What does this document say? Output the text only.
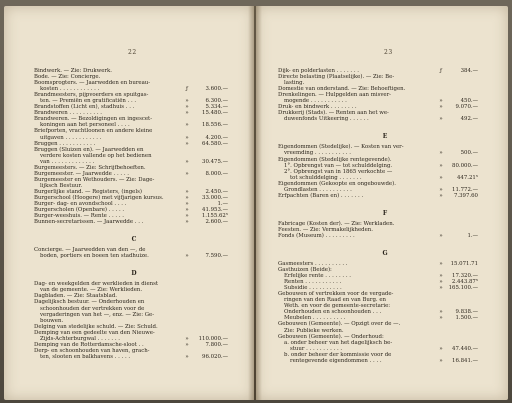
22
Bindwerk. — Zie: Drukwerk.
Bode. — Zie: Concierge.
Boomsprogters. — Jaarwedden en bureau-
kosten . . . . . . . . . . . .	ƒ	3.600.—
Brandmeesters, pijpvoerders en spuitgas-
ten. — Premiën en gratificatiën . . .	»	6.300.—
Brandstoffen (Licht en), stadhuis . . .	»	5.334.—
Brandweren . . . . . . . . . .	»	15.480.—
Brandweren. — Bezoldigingen en ingescet-
koningen aan het personeel . . . .	»	18.556.—
Briefporten, vrachtloonen en andere kleine
uitgaven . . . . . . . . . . .	»	4.200.—
Bruggen . . . . . . . . . . .	»	64.580.—
Bruggen (Sluizen en). — Jaarwedden en
verdere kosten vallende op het bedienen
van . . . . . . . . . . . . .	»	30.475.—
Burgemeesters. — Zie: Schrijfbehoeften.
Burgemeester. — Jaarwedde . . . . .	»	8.000.—
Burgemeester en Wethouders. — Zie: Dage-
lijksch Bestuur.
Burgerlijke stand. — Registers, (ingels)	»	2.450.—
Burgerschool (Hoogere) met vijfjarigen kursus.	»	33.000.—
Burger- dag- en avondschool . . . .	»	1.—
Burgerscholen (Openbare) . . . . .	»	41.953.—
Burger-weeshuis. — Rente . . . . .	»	1.155.62⁵
Bunnen-secretarissen. — Jaarwedde . . .	»	2.600.—
C
Concierge. — Jaarwedden van den —, de
boden, portiers en boeen ten stadhuize.	»	7.590.—
D
Dag- en weekgelden der werklieden in dienst
van de gemeente. — Zie: Werklieden.
Dagbladen. — Zie: Staatsblad.
Dagelijksch bestuur. — Onderhouden en
schoonhouden der vertrekken voor de
vergaderingen van het —, enz. — Zie: Ge-
bouwen.
Delging van stedelijke schuld. — Zie: Schuld.
Demping van een gedeelte van den Nieuwe-
Zijds-Achterburgwal . . . . . . .	»	110.000.—
Demping van de Rotterdamsche-sloot . .	»	7.800.—
Derp- en schoonhouden van haven, grach-
ten, slooten en balkhavens . . . . .	»	96.020.—
23
Dijk- en polderlasten . . . . . . .	ƒ	384.—
Directe belasting (Plaatselijke). — Zie: Be-
lasting.
Domestie van onderstand. — Zie: Behoeftigen.
Drenkelingen. — Hulpgelden aan misver-
mogende . . . . . . . . . . .	»	450.—
Druk- en bindwerk . . . . . . . .	»	9.070.—
Drukkerij (Stads). — Renten aan het we-
duwenfonds Uitkeering . . . . . .	»	492.—
E
Eigendommen (Stedelijke). — Kosten van ver-
vreemding . . . . . . . . . . .	»	500.—
Eigendommen (Stedelijke rentegevende).
1°. Opbrengst van — tot schulddelging.	»	80.000.—
2°. Opbrengst van in 1865 verkochte —
tot schulddelging . . . . . . .	»	447.21⁵
Eigendommen (Gekoopte en ongebouwde).
Grondlasten . . . . . . . . . .	»	11.772.—
Erfpachten (Baren en) . . . . . . .	»	7.397.60
F
Fabricage (Kosten der). — Zie: Werkladen.
Feesten. — Zie: Vermakelijkheden.
Fonds (Museum) . . . . . . . . .	»	1.—
G
Gasmeesters . . . . . . . . . .	»	15.071.71
Gasthuizen (Beide):
Erfelijke rente . . . . . . . .	»	17.320.—
Renten . . . . . . . . . . .	»	2.443.87⁵
Subsidie . . . . . . . . . .	»	165.100.—
Gebouwen of vertrekken voor de vergade-
ringen van den Raad en van Burg. en
Weth. en voor de gemeente-secretarie:
Onderhouden en schoonhouden . . .	»	9.838.—
Meubelen . . . . . . . . . .	»	1.500.—
Gebouwen (Gemeente). — Opzigt over de —.
Zie: Publieke werken.
Gebouwen (Gemeente). — Onderhoud:
a. onder beheer van het dagelijksch be-
stuur . . . . . . . . . . .	»	47.440.—
b. onder beheer der kommissie voor de
rentegevende eigendommen . . . .	»	16.841.—
